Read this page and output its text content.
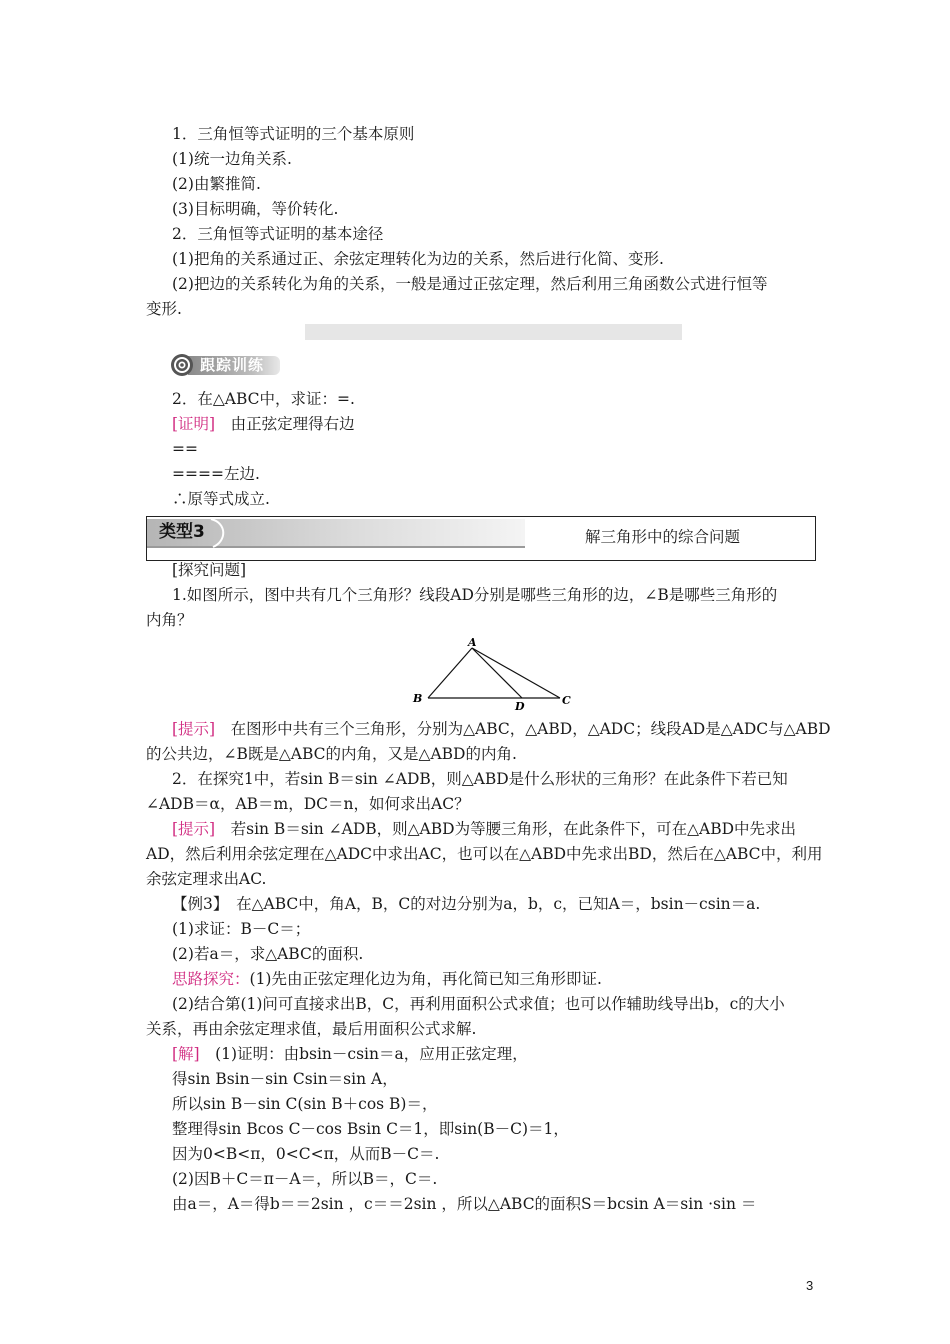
1．三角恒等式证明的三个基本原则
(1)统一边角关系.
(2)由繁推简.
(3)目标明确，等价转化.
2．三角恒等式证明的基本途径
(1)把角的关系通过正、余弦定理转化为边的关系，然后进行化简、变形.
(2)把边的关系转化为角的关系，一般是通过正弦定理，然后利用三角函数公式进行恒等
变形.
跟踪训练
2．在△ABC中，求证：=.
[证明]　由正弦定理得右边
==
====左边.
∴原等式成立.
类型3	解三角形中的综合问题
[探究问题]
1.如图所示，图中共有几个三角形？线段AD分别是哪些三角形的边，∠B是哪些三角形的
内角？
A
B	C
D
[提示]　在图形中共有三个三角形，分别为△ABC，△ABD，△ADC；线段AD是△ADC与△ABD
的公共边，∠B既是△ABC的内角，又是△ABD的内角.
2．在探究1中，若sin B＝sin ∠ADB，则△ABD是什么形状的三角形？在此条件下若已知
∠ADB＝α，AB＝m，DC＝n，如何求出AC？
[提示]　若sin B＝sin ∠ADB，则△ABD为等腰三角形，在此条件下，可在△ABD中先求出
AD，然后利用余弦定理在△ADC中求出AC，也可以在△ABD中先求出BD，然后在△ABC中，利用
余弦定理求出AC.
【例3】　在△ABC中，角A，B，C的对边分别为a，b，c，已知A＝，bsin－csin＝a.
(1)求证：B－C＝；
(2)若a＝，求△ABC的面积.
思路探究：(1)先由正弦定理化边为角，再化简已知三角形即证.
(2)结合第(1)问可直接求出B，C，再利用面积公式求值；也可以作辅助线导出b，c的大小
关系，再由余弦定理求值，最后用面积公式求解.
[解]　(1)证明：由bsin－csin＝a，应用正弦定理，
得sin Bsin－sin Csin＝sin A，
所以sin B－sin C(sin B＋cos B)＝，
整理得sin Bcos C－cos Bsin C＝1，即sin(B－C)＝1，
因为0<B<π，0<C<π，从而B－C＝.
(2)因B＋C＝π－A＝，所以B＝，C＝.
由a＝，A＝得b＝＝2sin ，c＝＝2sin ，所以△ABC的面积S＝bcsin A＝sin ·sin ＝
3
